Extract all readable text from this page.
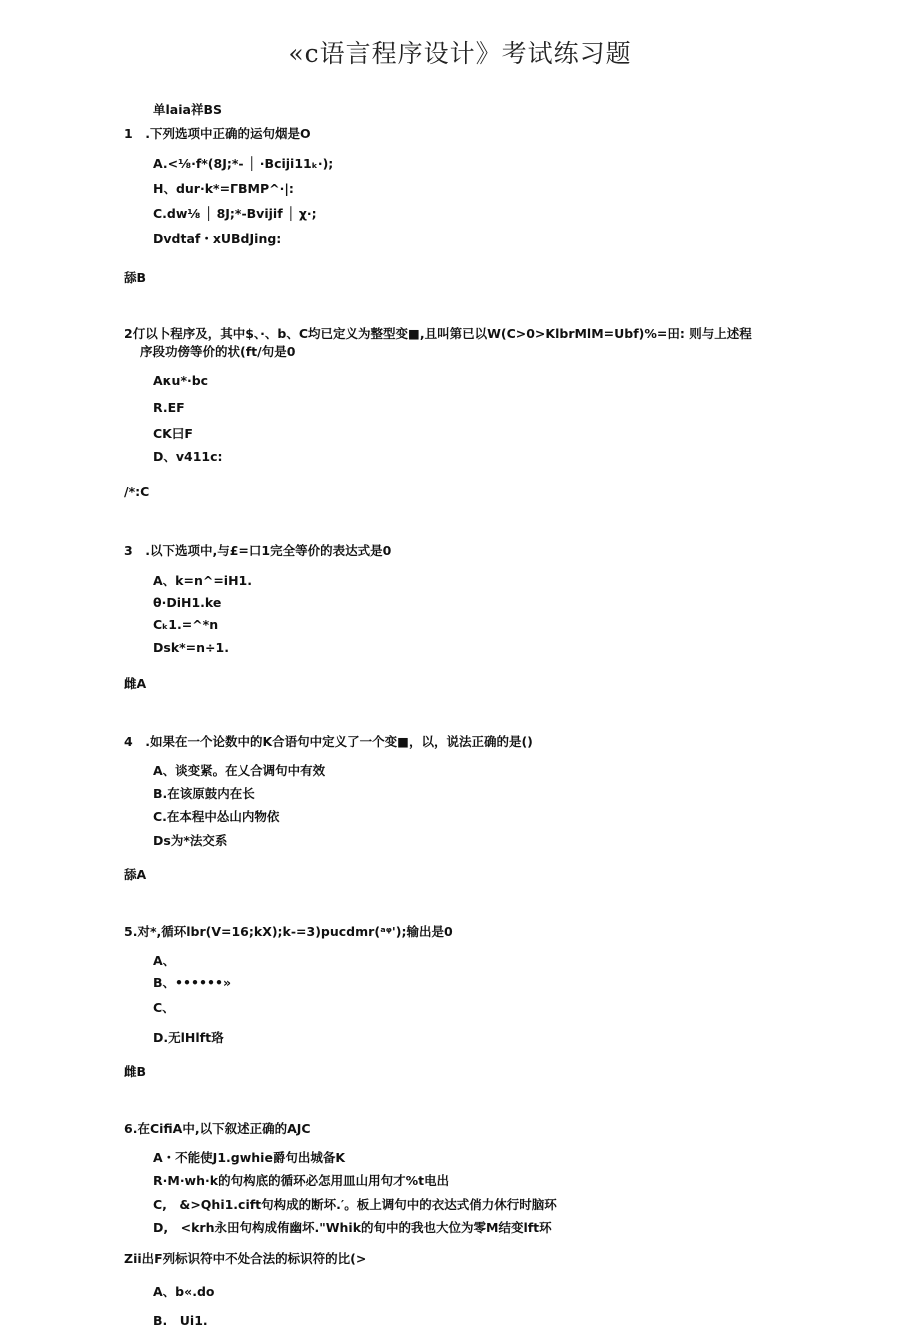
«c语言程序设计》考试练习题
单laia祥BS
1　.下列选项中正确的运句烟是O
A.<⅛·f*(8J;*- │ ·Bcijі11ₖ·);
H、dur·k*=ΓBMP^·|:
C.dw⅛ │ 8J;*-Bvijif │ χ·;
Dvdtaf・xUBdJing:
舔B
2仃以卜程序及，其中$、·、b、C均已定义为整型变■,且叫第已以W(C>0>KlbrMlM=Ubf)%=田: 则与上述程
序段功傍等价的状(ft/句是0
Aκu*·bc
R.EF
CK曰F
D、v411c:
/*:C
3　.以下选项中,与£=口1完全等价的表达式是0
A、k=n^=iH1.
θ·DiH1.ke
Cₖ1.=^*n
Dsk*=n÷1.
雌A
4　.如果在一个论数中的K合语句中定义了一个变■，以，说法正确的是()
A、谈变紧。在乂合调句中有效
B.在该原鼓内在长
C.在本程中怂山内物依
Ds为*法交系
舔A
5.对*,循环lbr(V=16;kX);k-=3)pucdmr(ᵃᵠ');输出是0
A、
B、••••••»
C、
D.无lHlft珞
雌B
6.在CifiA中,以下叙述正确的AJC
A・不能使J1.gwhie爵句出城备K
R·M·wh·k的句构底的循环必怎用皿山用句才%t电出
C,　&>Qhi1.cift句构成的断坏.′。板上调句中的衣达式俏力休行时脑环
D,　<krh永田句构成侑幽坏."Whik的旬中的我也大位为零M结变lft环
Zii出F列标识符中不处合法的标识符的比(>
A、b«.do
B.　Ui1.
